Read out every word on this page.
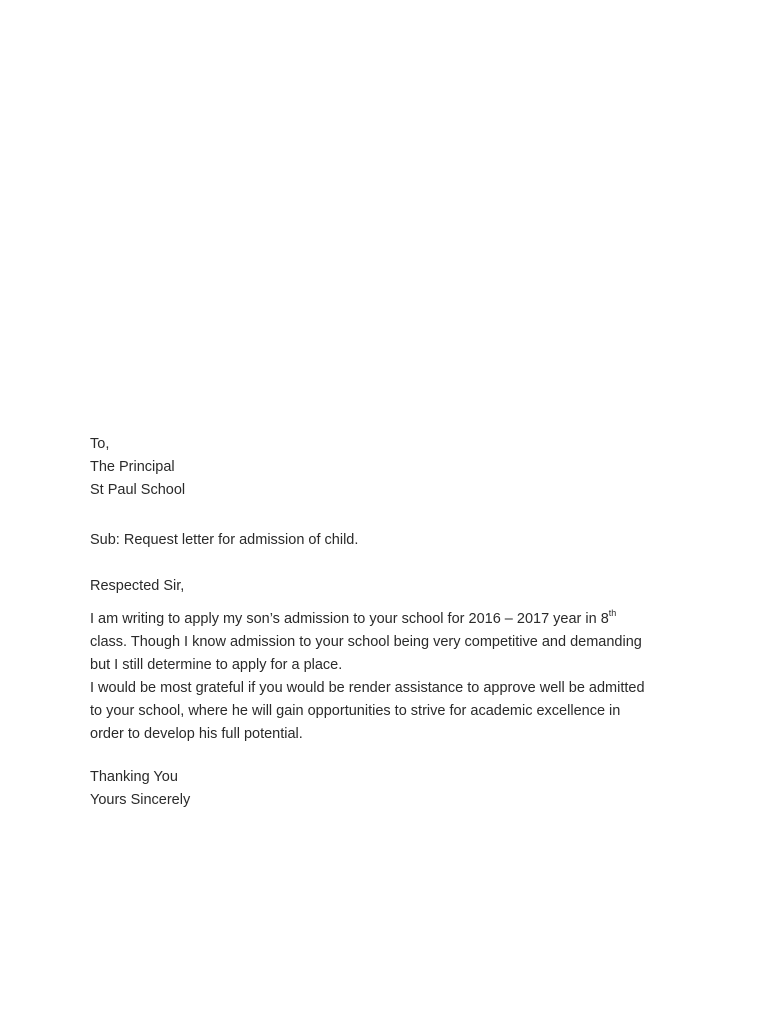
To,
The Principal
St Paul School
Sub: Request letter for admission of child.
Respected Sir,
I am writing to apply my son’s admission to your school for 2016 – 2017 year in 8th
class. Though I know admission to your school being very competitive and demanding
but I still determine to apply for a place.
I would be most grateful if you would be render assistance to approve well be admitted
to your school, where he will gain opportunities to strive for academic excellence in
order to develop his full potential.
Thanking You
Yours Sincerely
